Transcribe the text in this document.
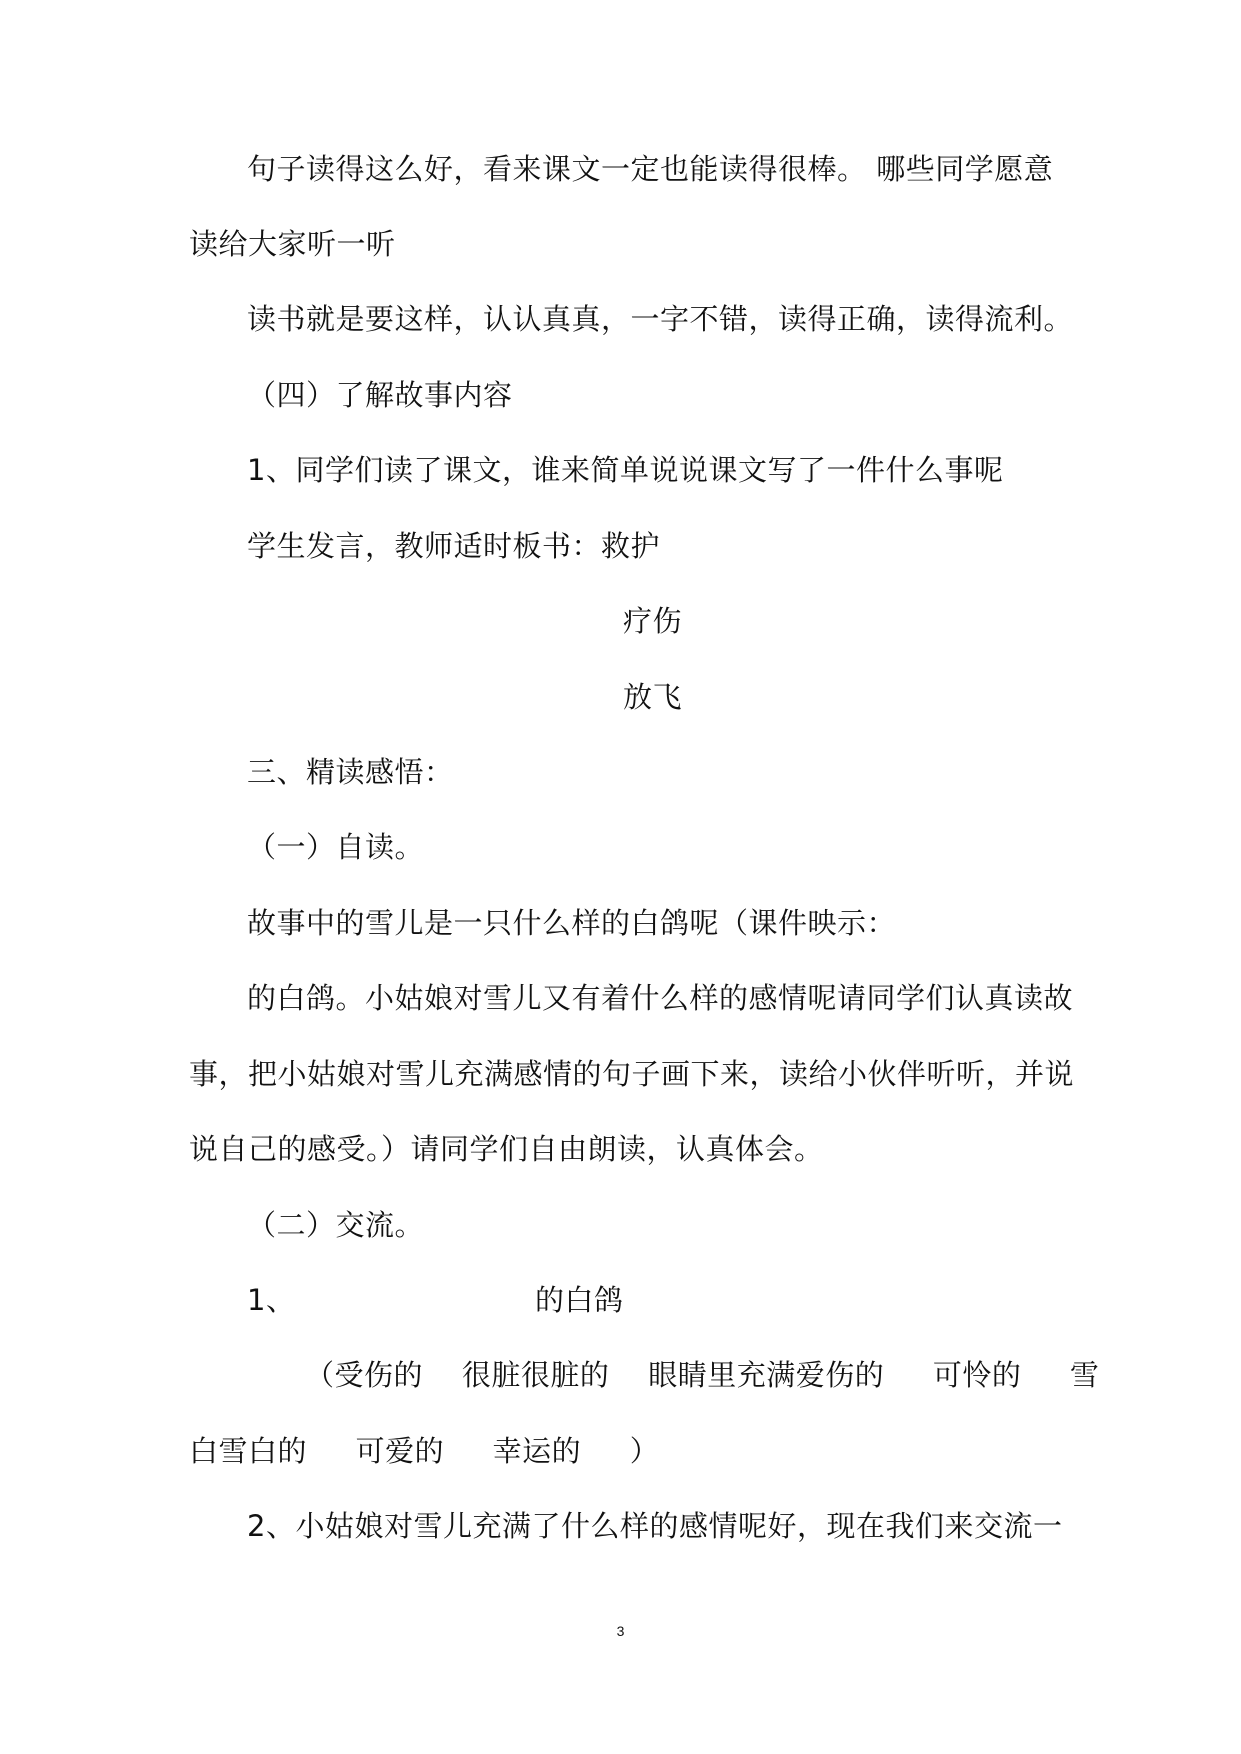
句子读得这么好，看来课文一定也能读得很棒。 哪些同学愿意
读给大家听一听
读书就是要这样，认认真真，一字不错，读得正确，读得流利。
（四）了解故事内容
1、同学们读了课文，谁来简单说说课文写了一件什么事呢
学生发言，教师适时板书：救护
疗伤
放飞
三、精读感悟：
（一）自读。
故事中的雪儿是一只什么样的白鸽呢（课件映示：
的白鸽。小姑娘对雪儿又有着什么样的感情呢请同学们认真读故
事，把小姑娘对雪儿充满感情的句子画下来，读给小伙伴听听，并说
说自己的感受。）请同学们自由朗读，认真体会。
（二）交流。
1、	的白鸽
（受伤的    很脏很脏的    眼睛里充满爱伤的     可怜的     雪
白雪白的     可爱的     幸运的     ）
2、小姑娘对雪儿充满了什么样的感情呢好，现在我们来交流一
3
